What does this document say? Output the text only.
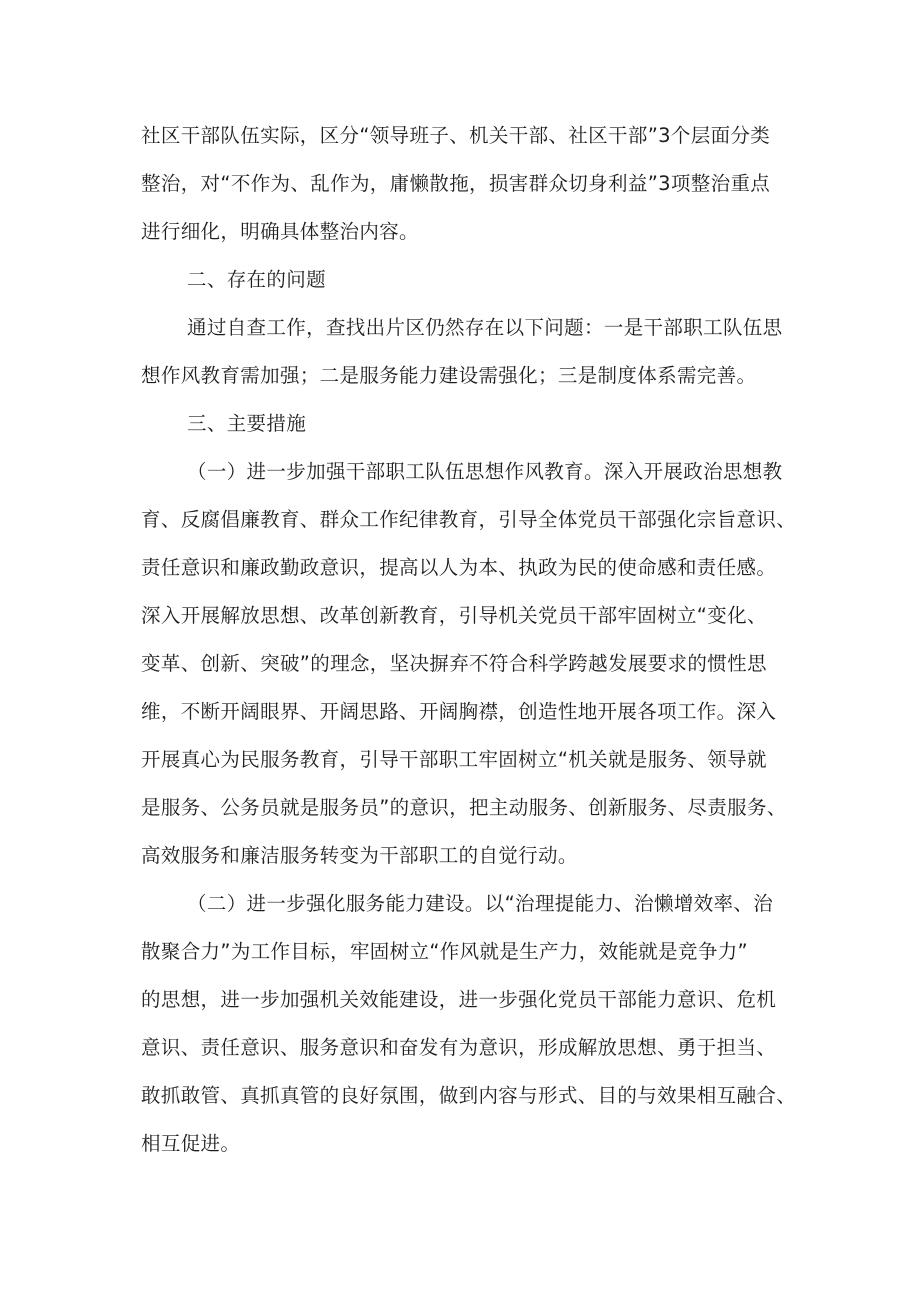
社区干部队伍实际，区分“领导班子、机关干部、社区干部”3个层面分类
整治，对“不作为、乱作为，庸懒散拖，损害群众切身利益”3项整治重点
进行细化，明确具体整治内容。
二、存在的问题
通过自查工作，查找出片区仍然存在以下问题：一是干部职工队伍思
想作风教育需加强；二是服务能力建设需强化；三是制度体系需完善。
三、主要措施
（一）进一步加强干部职工队伍思想作风教育。深入开展政治思想教
育、反腐倡廉教育、群众工作纪律教育，引导全体党员干部强化宗旨意识、
责任意识和廉政勤政意识，提高以人为本、执政为民的使命感和责任感。
深入开展解放思想、改革创新教育，引导机关党员干部牢固树立“变化、
变革、创新、突破”的理念，坚决摒弃不符合科学跨越发展要求的惯性思
维，不断开阔眼界、开阔思路、开阔胸襟，创造性地开展各项工作。深入
开展真心为民服务教育，引导干部职工牢固树立“机关就是服务、领导就
是服务、公务员就是服务员”的意识，把主动服务、创新服务、尽责服务、
高效服务和廉洁服务转变为干部职工的自觉行动。
（二）进一步强化服务能力建设。以“治理提能力、治懒增效率、治
散聚合力”为工作目标，牢固树立“作风就是生产力，效能就是竞争力”
的思想，进一步加强机关效能建设，进一步强化党员干部能力意识、危机
意识、责任意识、服务意识和奋发有为意识，形成解放思想、勇于担当、
敢抓敢管、真抓真管的良好氛围，做到内容与形式、目的与效果相互融合、
相互促进。
